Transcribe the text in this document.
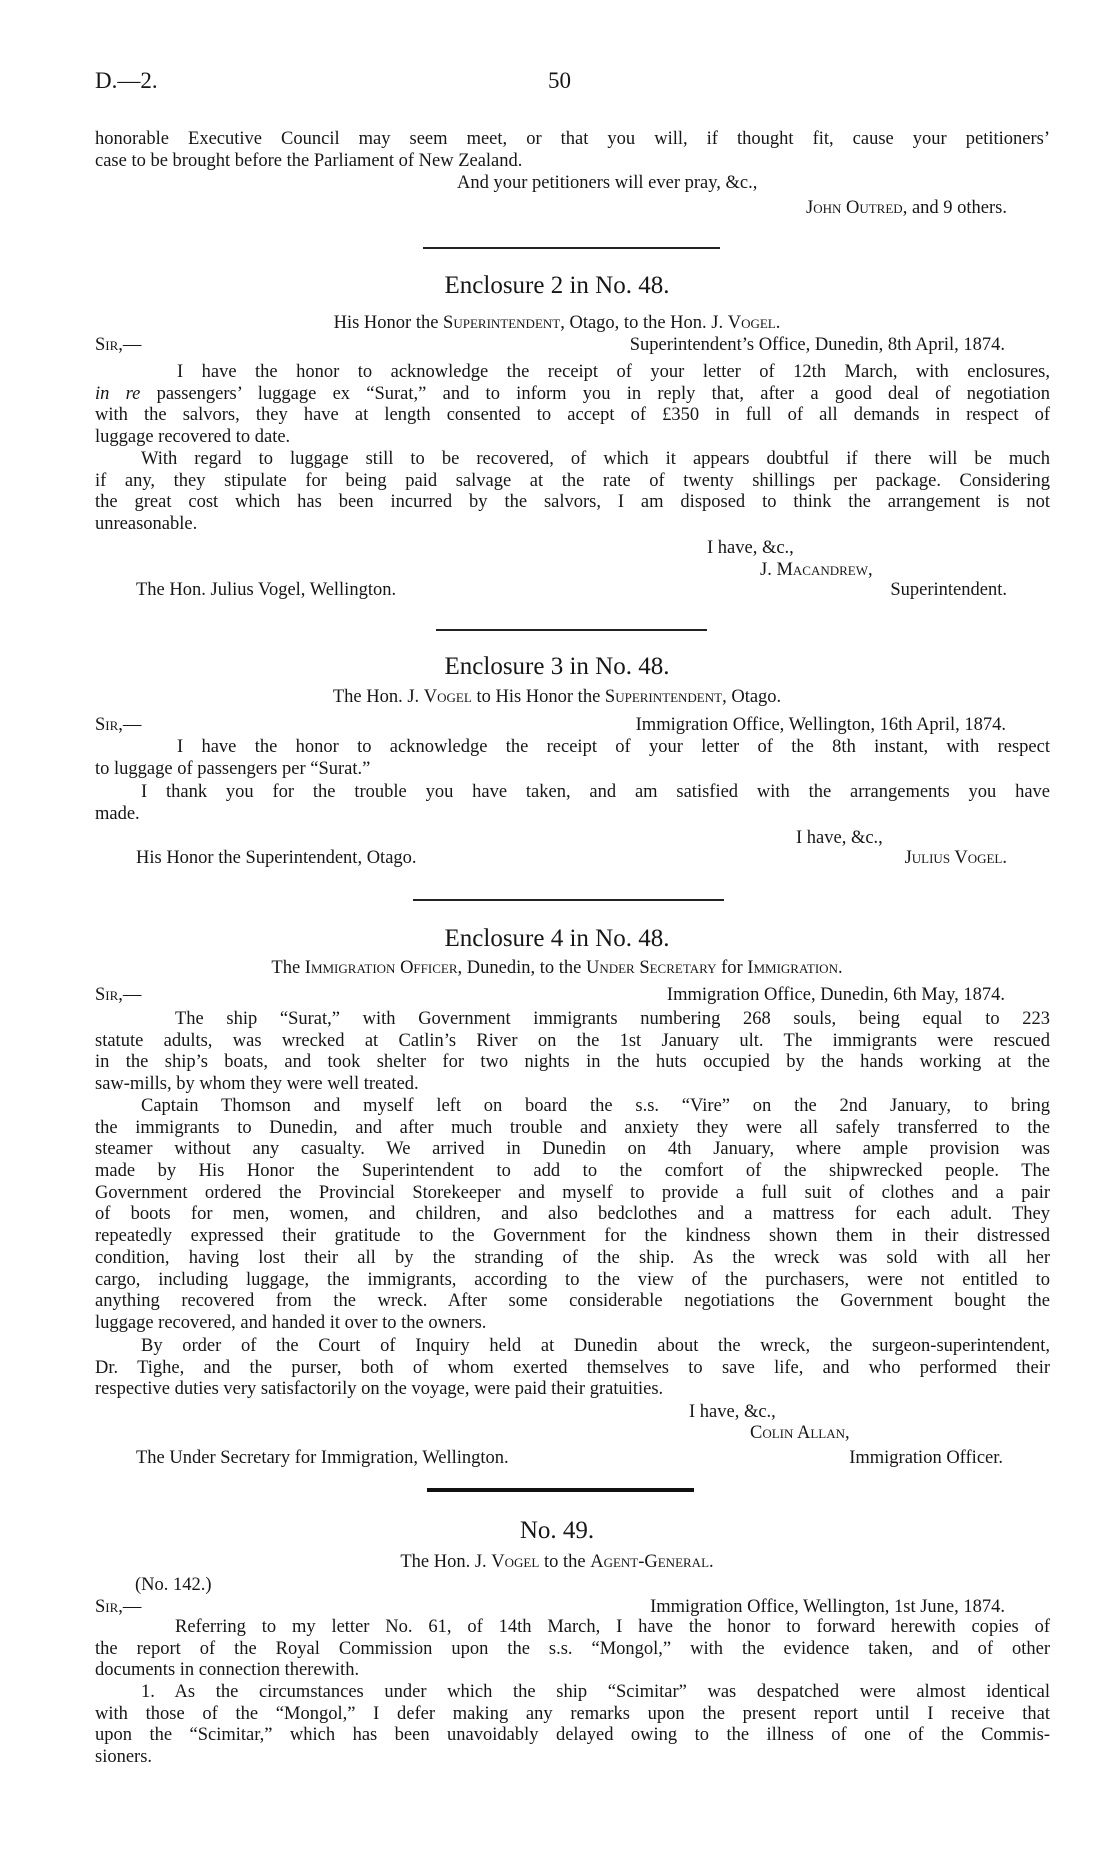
D.—2.	50
honorable Executive Council may seem meet, or that you will, if thought fit, cause your petitioners’
case to be brought before the Parliament of New Zealand.
And your petitioners will ever pray, &c.,
John Outred, and 9 others.
Enclosure 2 in No. 48.
His Honor the Superintendent, Otago, to the Hon. J. Vogel.
Sir,—	Superintendent’s Office, Dunedin, 8th April, 1874.
I have the honor to acknowledge the receipt of your letter of 12th March, with enclosures,
in re passengers’ luggage ex “Surat,” and to inform you in reply that, after a good deal of negotiation
with the salvors, they have at length consented to accept of £350 in full of all demands in respect of
luggage recovered to date.
With regard to luggage still to be recovered, of which it appears doubtful if there will be much
if any, they stipulate for being paid salvage at the rate of twenty shillings per package. Considering
the great cost which has been incurred by the salvors, I am disposed to think the arrangement is not
unreasonable.
I have, &c.,
J. Macandrew,
The Hon. Julius Vogel, Wellington.	Superintendent.
Enclosure 3 in No. 48.
The Hon. J. Vogel to His Honor the Superintendent, Otago.
Sir,—	Immigration Office, Wellington, 16th April, 1874.
I have the honor to acknowledge the receipt of your letter of the 8th instant, with respect
to luggage of passengers per “Surat.”
I thank you for the trouble you have taken, and am satisfied with the arrangements you have
made.
I have, &c.,
His Honor the Superintendent, Otago.	Julius Vogel.
Enclosure 4 in No. 48.
The Immigration Officer, Dunedin, to the Under Secretary for Immigration.
Sir,—	Immigration Office, Dunedin, 6th May, 1874.
The ship “Surat,” with Government immigrants numbering 268 souls, being equal to 223
statute adults, was wrecked at Catlin’s River on the 1st January ult. The immigrants were rescued
in the ship’s boats, and took shelter for two nights in the huts occupied by the hands working at the
saw-mills, by whom they were well treated.
Captain Thomson and myself left on board the s.s. “Vire” on the 2nd January, to bring
the immigrants to Dunedin, and after much trouble and anxiety they were all safely transferred to the
steamer without any casualty. We arrived in Dunedin on 4th January, where ample provision was
made by His Honor the Superintendent to add to the comfort of the shipwrecked people. The
Government ordered the Provincial Storekeeper and myself to provide a full suit of clothes and a pair
of boots for men, women, and children, and also bedclothes and a mattress for each adult. They
repeatedly expressed their gratitude to the Government for the kindness shown them in their distressed
condition, having lost their all by the stranding of the ship. As the wreck was sold with all her
cargo, including luggage, the immigrants, according to the view of the purchasers, were not entitled to
anything recovered from the wreck. After some considerable negotiations the Government bought the
luggage recovered, and handed it over to the owners.
By order of the Court of Inquiry held at Dunedin about the wreck, the surgeon-superintendent,
Dr. Tighe, and the purser, both of whom exerted themselves to save life, and who performed their
respective duties very satisfactorily on the voyage, were paid their gratuities.
I have, &c.,
Colin Allan,
The Under Secretary for Immigration, Wellington.	Immigration Officer.
No. 49.
The Hon. J. Vogel to the Agent-General.
(No. 142.)
Sir,—	Immigration Office, Wellington, 1st June, 1874.
Referring to my letter No. 61, of 14th March, I have the honor to forward herewith copies of
the report of the Royal Commission upon the s.s. “Mongol,” with the evidence taken, and of other
documents in connection therewith.
1. As the circumstances under which the ship “Scimitar” was despatched were almost identical
with those of the “Mongol,” I defer making any remarks upon the present report until I receive that
upon the “Scimitar,” which has been unavoidably delayed owing to the illness of one of the Commis-
sioners.
